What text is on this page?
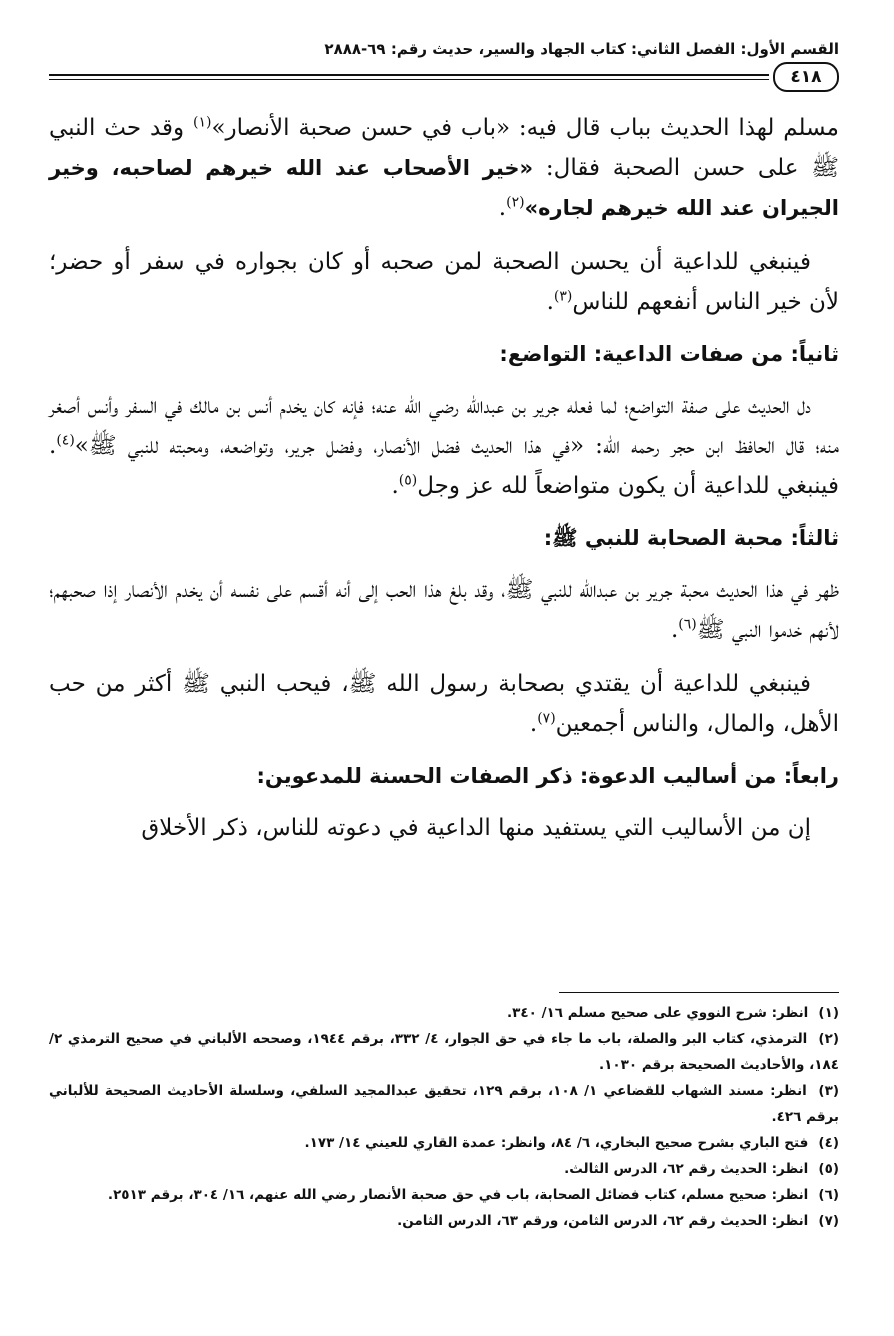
القسم الأول: الفصل الثاني: كتاب الجهاد والسير، حديث رقم: ٦٩-٢٨٨٨
٤١٨

مسلم لهذا الحديث بباب قال فيه: «باب في حسن صحبة الأنصار»$^{(١)}$ وقد حث النبي ﷺ على حسن الصحبة فقال: «خير الأصحاب عند الله خيرهم لصاحبه، وخير الجيران عند الله خيرهم لجاره»$^{(٢)}$.

فينبغي للداعية أن يحسن الصحبة لمن صحبه أو كان بجواره في سفر أو حضر؛ لأن خير الناس أنفعهم للناس$^{(٣)}$.

ثانياً: من صفات الداعية: التواضع:

دل الحديث على صفة التواضع؛ لما فعله جرير بن عبدالله رضي الله عنه؛ فإنه كان يخدم أنس بن مالك في السفر وأنس أصغر منه؛ قال الحافظ ابن حجر رحمه الله: «في هذا الحديث فضل الأنصار، وفضل جرير، وتواضعه، ومحبته للنبي ﷺ»$^{(٤)}$. فينبغي للداعية أن يكون متواضعاً لله عز وجل$^{(٥)}$.

ثالثاً: محبة الصحابة للنبي ﷺ:

ظهر في هذا الحديث محبة جرير بن عبدالله للنبي ﷺ، وقد بلغ هذا الحب إلى أنه أقسم على نفسه أن يخدم الأنصار إذا صحبهم؛ لأنهم خدموا النبي ﷺ$^{(٦)}$.

فينبغي للداعية أن يقتدي بصحابة رسول الله ﷺ، فيحب النبي ﷺ أكثر من حب الأهل، والمال، والناس أجمعين$^{(٧)}$.

رابعاً: من أساليب الدعوة: ذكر الصفات الحسنة للمدعوين:

إن من الأساليب التي يستفيد منها الداعية في دعوته للناس، ذكر الأخلاق

(١) انظر: شرح النووي على صحيح مسلم ١٦/ ٣٤٠.

(٢) الترمذي، كتاب البر والصلة، باب ما جاء في حق الجوار، ٤/ ٣٣٢، برقم ١٩٤٤، وصححه الألباني في صحيح الترمذي ٢/ ١٨٤، والأحاديث الصحيحة برقم ١٠٣٠.

(٣) انظر: مسند الشهاب للقضاعي ١/ ١٠٨، برقم ١٢٩، تحقيق عبدالمجيد السلفي، وسلسلة الأحاديث الصحيحة للألباني برقم ٤٢٦.

(٤) فتح الباري بشرح صحيح البخاري، ٦/ ٨٤، وانظر: عمدة القاري للعيني ١٤/ ١٧٣.

(٥) انظر: الحديث رقم ٦٢، الدرس الثالث.

(٦) انظر: صحيح مسلم، كتاب فضائل الصحابة، باب في حق صحبة الأنصار رضي الله عنهم، ١٦/ ٣٠٤، برقم ٢٥١٣.

(٧) انظر: الحديث رقم ٦٢، الدرس الثامن، ورقم ٦٣، الدرس الثامن.
